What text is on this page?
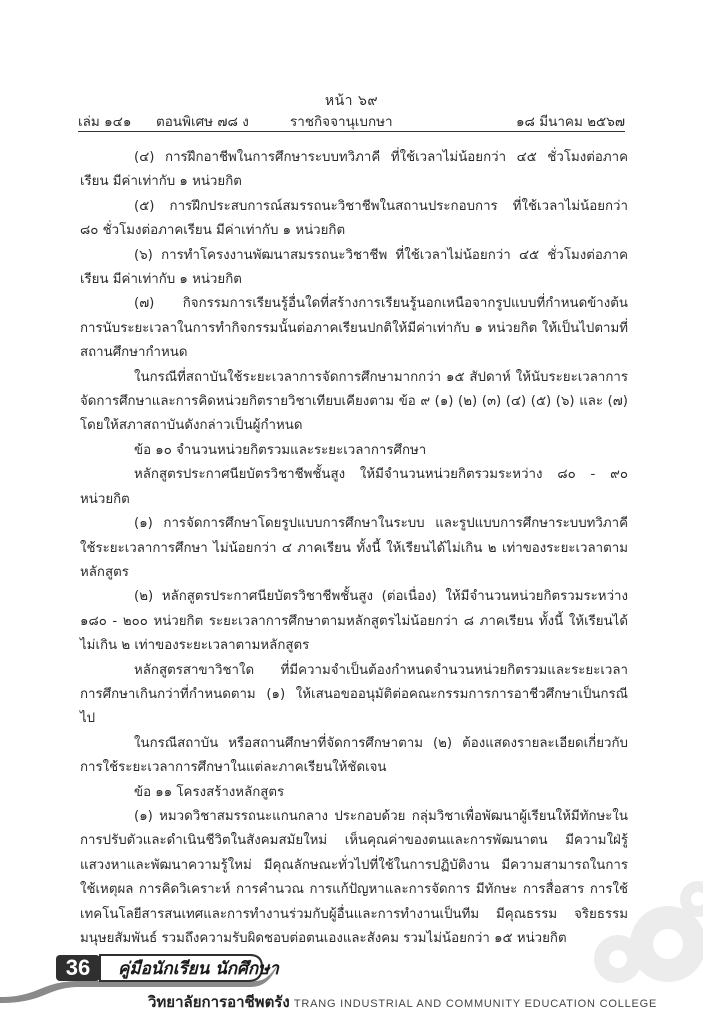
หน้า ๖๙
เล่ม ๑๔๑ ตอนพิเศษ ๗๘ ง	ราชกิจจานุเบกษา	๑๘ มีนาคม ๒๕๖๗

(๔) การฝึกอาชีพในการศึกษาระบบทวิภาคี ที่ใช้เวลาไม่น้อยกว่า ๔๕ ชั่วโมงต่อภาคเรียน มีค่าเท่ากับ ๑ หน่วยกิต

(๕) การฝึกประสบการณ์สมรรถนะวิชาชีพในสถานประกอบการ ที่ใช้เวลาไม่น้อยกว่า ๘๐ ชั่วโมงต่อภาคเรียน มีค่าเท่ากับ ๑ หน่วยกิต

(๖) การทำโครงงานพัฒนาสมรรถนะวิชาชีพ ที่ใช้เวลาไม่น้อยกว่า ๔๕ ชั่วโมงต่อภาคเรียน มีค่าเท่ากับ ๑ หน่วยกิต

(๗) กิจกรรมการเรียนรู้อื่นใดที่สร้างการเรียนรู้นอกเหนือจากรูปแบบที่กำหนดข้างต้น การนับระยะเวลาในการทำกิจกรรมนั้นต่อภาคเรียนปกติให้มีค่าเท่ากับ ๑ หน่วยกิต ให้เป็นไปตามที่สถานศึกษากำหนด

ในกรณีที่สถาบันใช้ระยะเวลาการจัดการศึกษามากกว่า ๑๕ สัปดาห์ ให้นับระยะเวลาการจัดการศึกษาและการคิดหน่วยกิตรายวิชาเทียบเคียงตาม ข้อ ๙ (๑) (๒) (๓) (๔) (๕) (๖) และ (๗) โดยให้สภาสถาบันดังกล่าวเป็นผู้กำหนด

ข้อ ๑๐ จำนวนหน่วยกิตรวมและระยะเวลาการศึกษา

หลักสูตรประกาศนียบัตรวิชาชีพชั้นสูง ให้มีจำนวนหน่วยกิตรวมระหว่าง ๘๐ - ๙๐ หน่วยกิต

(๑) การจัดการศึกษาโดยรูปแบบการศึกษาในระบบ และรูปแบบการศึกษาระบบทวิภาคี ใช้ระยะเวลาการศึกษา ไม่น้อยกว่า ๔ ภาคเรียน ทั้งนี้ ให้เรียนได้ไม่เกิน ๒ เท่าของระยะเวลาตามหลักสูตร

(๒) หลักสูตรประกาศนียบัตรวิชาชีพชั้นสูง (ต่อเนื่อง) ให้มีจำนวนหน่วยกิตรวมระหว่าง ๑๘๐ - ๒๐๐ หน่วยกิต ระยะเวลาการศึกษาตามหลักสูตรไม่น้อยกว่า ๘ ภาคเรียน ทั้งนี้ ให้เรียนได้ไม่เกิน ๒ เท่าของระยะเวลาตามหลักสูตร

หลักสูตรสาขาวิชาใด ที่มีความจำเป็นต้องกำหนดจำนวนหน่วยกิตรวมและระยะเวลาการศึกษาเกินกว่าที่กำหนดตาม (๑) ให้เสนอขออนุมัติต่อคณะกรรมการการอาชีวศึกษาเป็นกรณีไป

ในกรณีสถาบัน หรือสถานศึกษาที่จัดการศึกษาตาม (๒) ต้องแสดงรายละเอียดเกี่ยวกับการใช้ระยะเวลาการศึกษาในแต่ละภาคเรียนให้ชัดเจน

ข้อ ๑๑ โครงสร้างหลักสูตร

(๑) หมวดวิชาสมรรถนะแกนกลาง ประกอบด้วย กลุ่มวิชาเพื่อพัฒนาผู้เรียนให้มีทักษะในการปรับตัวและดำเนินชีวิตในสังคมสมัยใหม่ เห็นคุณค่าของตนและการพัฒนาตน มีความใฝ่รู้ แสวงหาและพัฒนาความรู้ใหม่ มีคุณลักษณะทั่วไปที่ใช้ในการปฏิบัติงาน มีความสามารถในการใช้เหตุผล การคิดวิเคราะห์ การคำนวณ การแก้ปัญหาและการจัดการ มีทักษะ การสื่อสาร การใช้เทคโนโลยีสารสนเทศและการทำงานร่วมกับผู้อื่นและการทำงานเป็นทีม มีคุณธรรม จริยธรรม มนุษยสัมพันธ์ รวมถึงความรับผิดชอบต่อตนเองและสังคม รวมไม่น้อยกว่า ๑๕ หน่วยกิต

36	คู่มือนักเรียน นักศึกษา
วิทยาลัยการอาชีพตรัง TRANG INDUSTRIAL AND COMMUNITY EDUCATION COLLEGE
